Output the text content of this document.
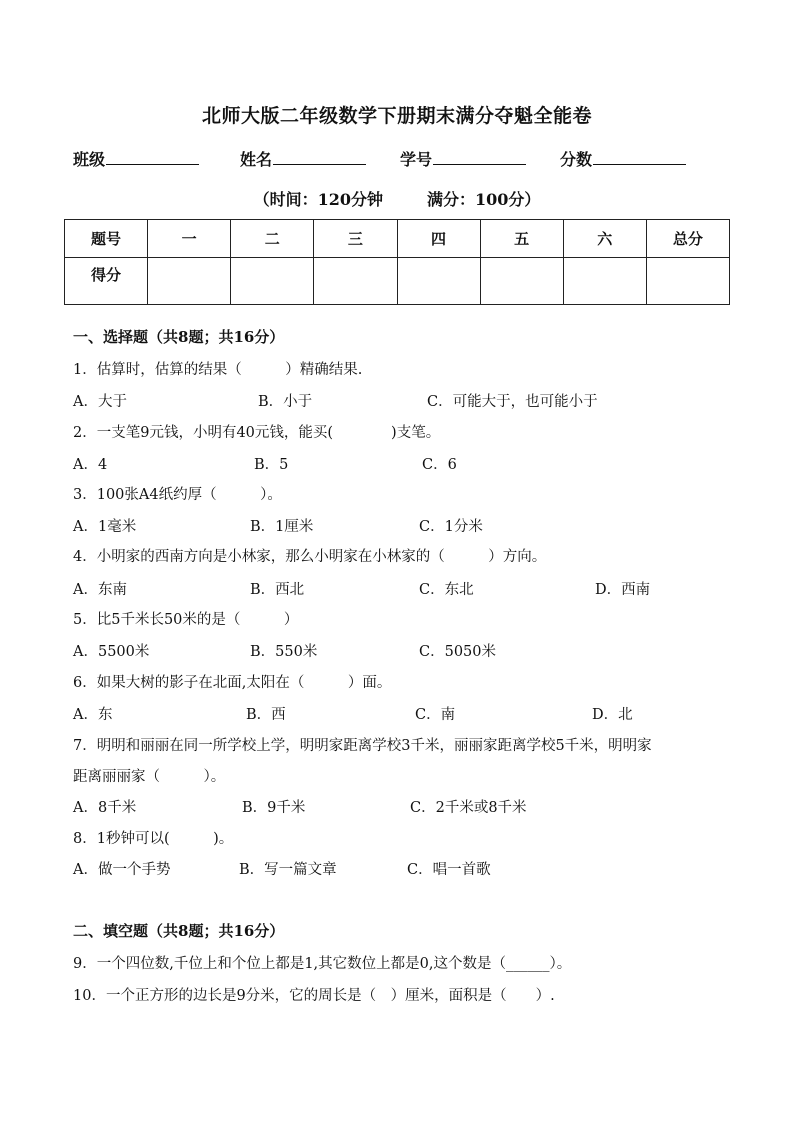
北师大版二年级数学下册期末满分夺魁全能卷
班级	姓名	学号	分数
（时间：120分钟	满分：100分）
题号	一	二	三	四	五	六	总分
得分							
一、选择题（共8题；共16分）
1．估算时，估算的结果（　　　）精确结果.
A．大于	B．小于	C．可能大于，也可能小于
2．一支笔9元钱，小明有40元钱，能买(　　　　)支笔。
A．4	B．5	C．6
3．100张A4纸约厚（　　　）。
A．1毫米	B．1厘米	C．1分米
4．小明家的西南方向是小林家，那么小明家在小林家的（　　　）方向。
A．东南	B．西北	C．东北	D．西南
5．比5千米长50米的是（　　　）
A．5500米	B．550米	C．5050米
6．如果大树的影子在北面,太阳在（　　　）面。
A．东	B．西	C．南	D．北
7．明明和丽丽在同一所学校上学，明明家距离学校3千米，丽丽家距离学校5千米，明明家
距离丽丽家（　　　）。
A．8千米	B．9千米	C．2千米或8千米
8．1秒钟可以(　　　)。
A．做一个手势	B．写一篇文章	C．唱一首歌
二、填空题（共8题；共16分）
9．一个四位数,千位上和个位上都是1,其它数位上都是0,这个数是（______）。
10．一个正方形的边长是9分米，它的周长是（　）厘米，面积是（　　）.
